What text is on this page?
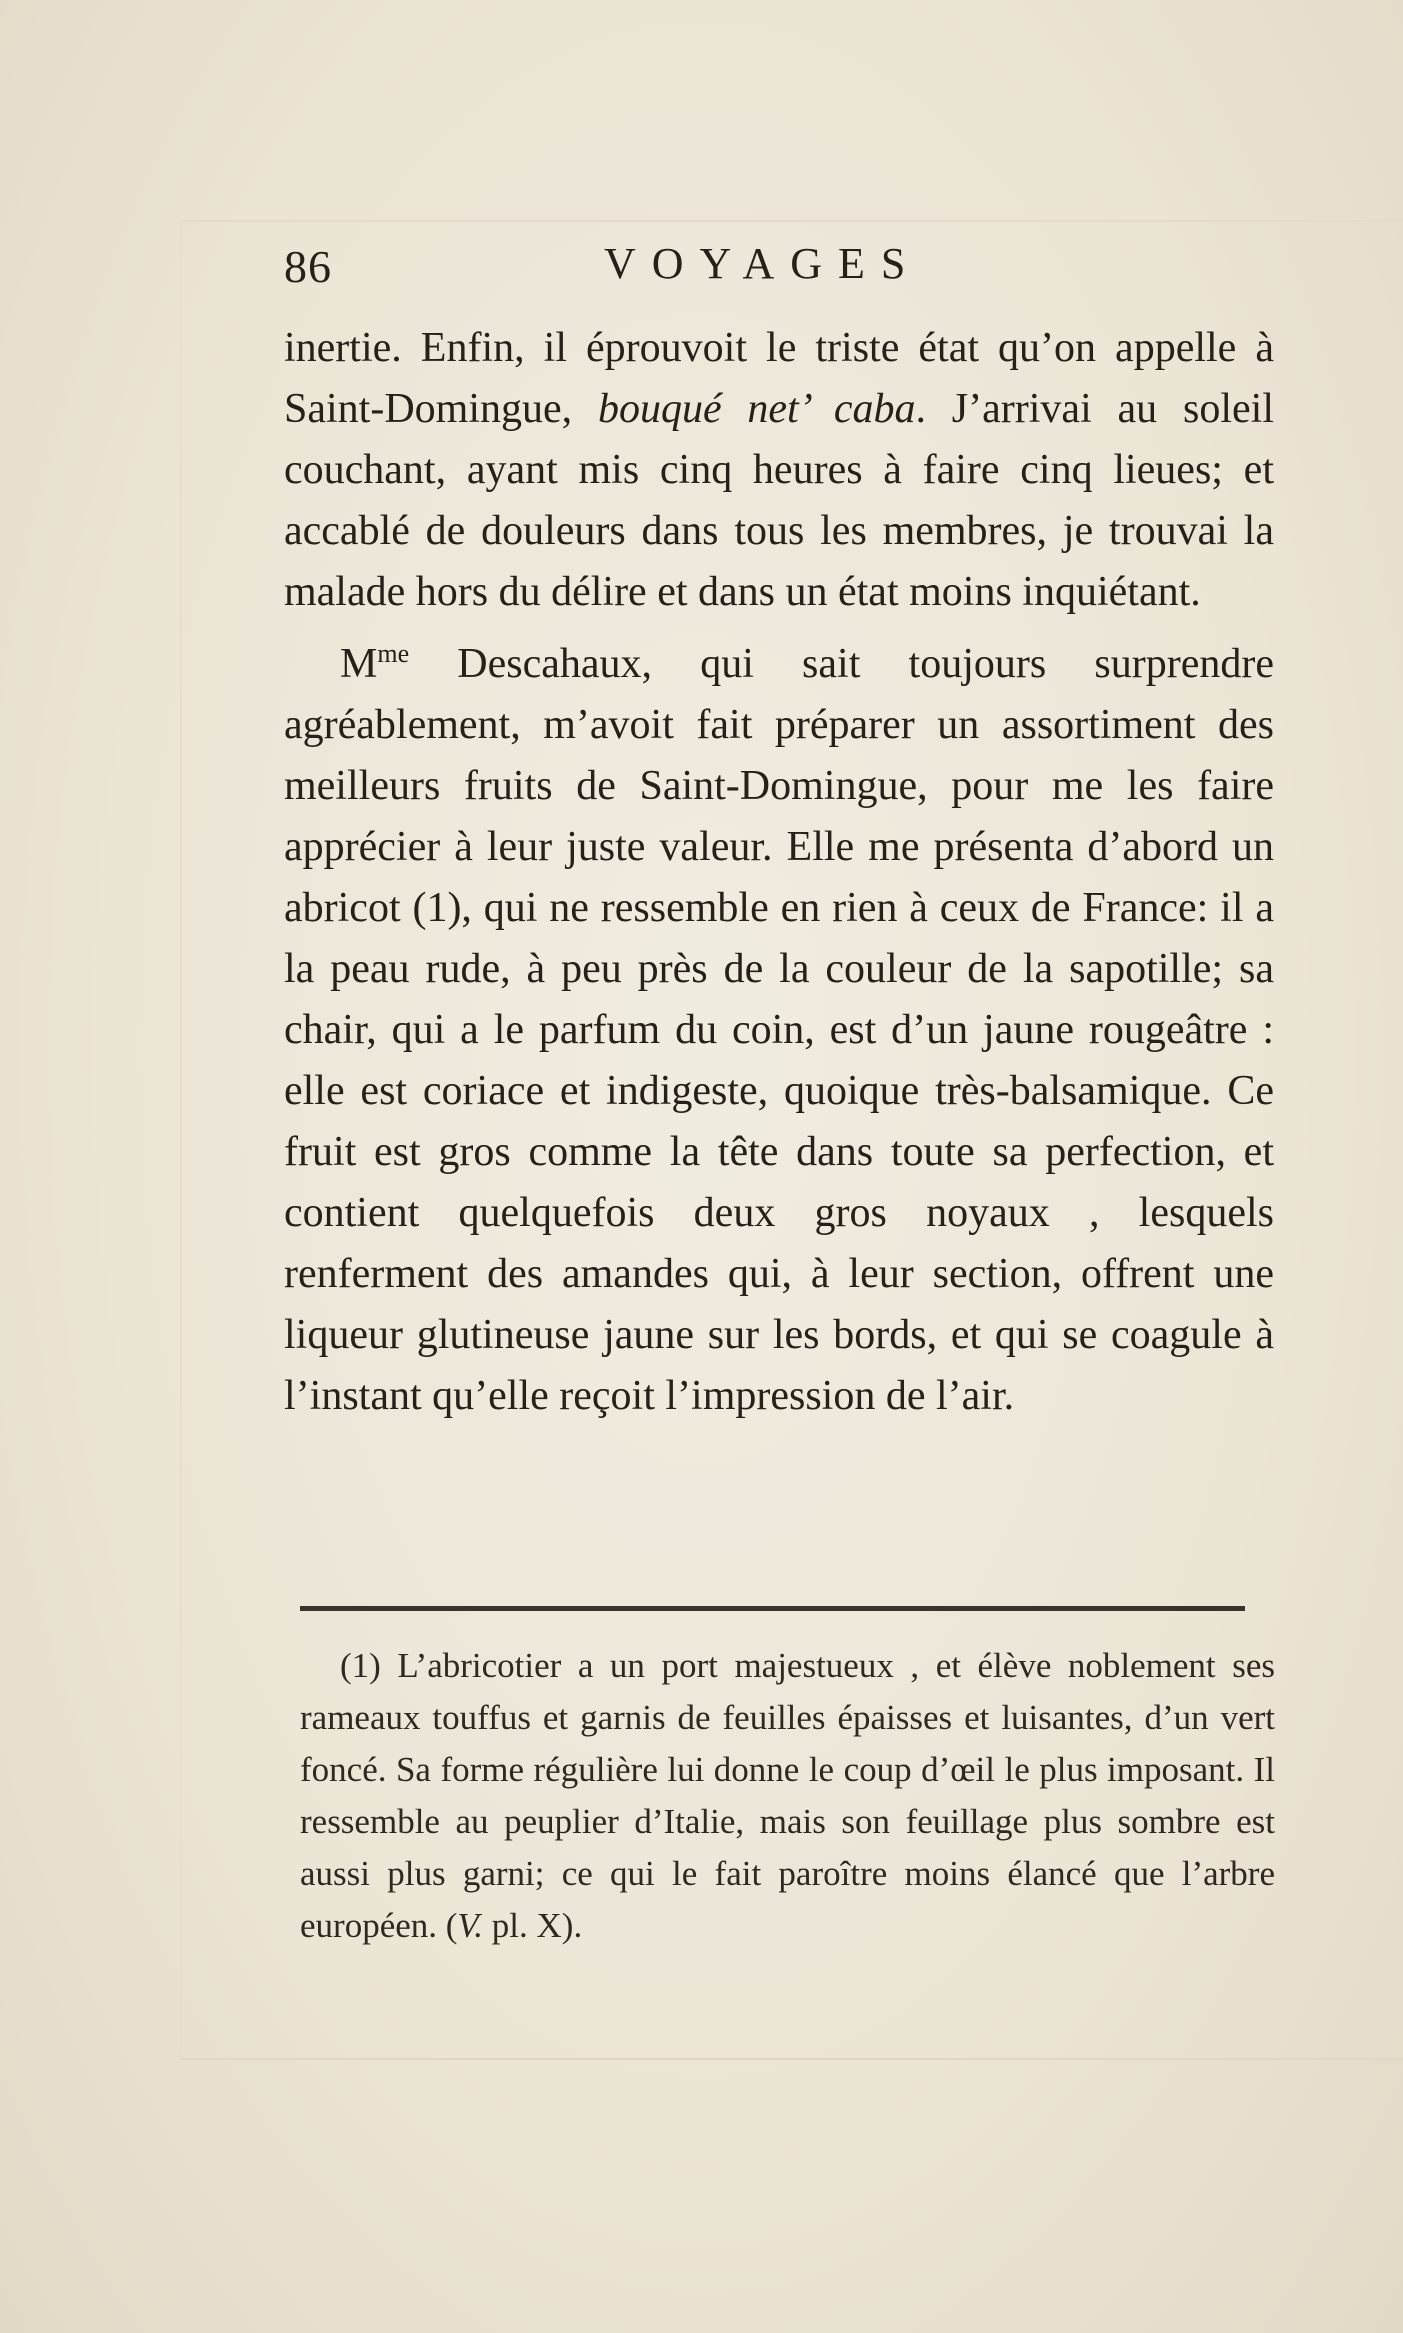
86	VOYAGES

inertie. Enfin, il éprouvoit le triste état qu’on appelle à Saint-Domingue, bouqué net’ caba. J’arrivai au soleil couchant, ayant mis cinq heures à faire cinq lieues; et accablé de douleurs dans tous les membres, je trouvai la malade hors du délire et dans un état moins inquiétant.

$M^{me}$ Descahaux, qui sait toujours surprendre agréablement, m’avoit fait préparer un assortiment des meilleurs fruits de Saint-Domingue, pour me les faire apprécier à leur juste valeur. Elle me présenta d’abord un abricot (1), qui ne ressemble en rien à ceux de France: il a la peau rude, à peu près de la couleur de la sapotille; sa chair, qui a le parfum du coin, est d’un jaune rougeâtre : elle est coriace et indigeste, quoique très-balsamique. Ce fruit est gros comme la tête dans toute sa perfection, et contient quelquefois deux gros noyaux , lesquels renferment des amandes qui, à leur section, offrent une liqueur glutineuse jaune sur les bords, et qui se coagule à l’instant qu’elle reçoit l’impression de l’air.

(1) L’abricotier a un port majestueux , et élève noblement ses rameaux touffus et garnis de feuilles épaisses et luisantes, d’un vert foncé. Sa forme régulière lui donne le coup d’œil le plus imposant. Il ressemble au peuplier d’Italie, mais son feuillage plus sombre est aussi plus garni; ce qui le fait paroître moins élancé que l’arbre européen. (V. pl. X).
